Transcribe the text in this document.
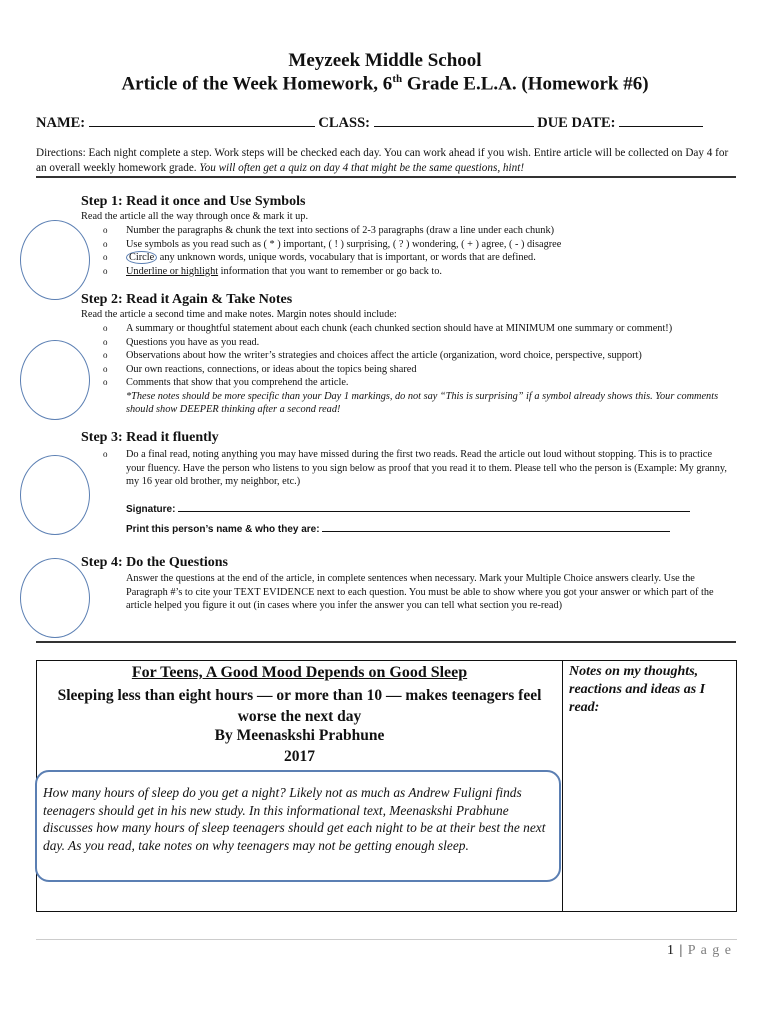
Meyzeek Middle School
Article of the Week Homework, 6th Grade E.L.A. (Homework #6)
NAME:	CLASS:	DUE DATE:
Directions: Each night complete a step. Work steps will be checked each day. You can work ahead if you wish. Entire article will be collected on Day 4 for an overall weekly homework grade. You will often get a quiz on day 4 that might be the same questions, hint!
Step 1: Read it once and Use Symbols
Read the article all the way through once & mark it up.
o Number the paragraphs & chunk the text into sections of 2-3 paragraphs (draw a line under each chunk)
o Use symbols as you read such as ( * ) important, ( ! ) surprising, ( ? ) wondering, ( + ) agree, ( - ) disagree
o Circle any unknown words, unique words, vocabulary that is important, or words that are defined.
o Underline or highlight information that you want to remember or go back to.
Step 2: Read it Again & Take Notes
Read the article a second time and make notes. Margin notes should include:
o A summary or thoughtful statement about each chunk (each chunked section should have at MINIMUM one summary or comment!)
o Questions you have as you read.
o Observations about how the writer’s strategies and choices affect the article (organization, word choice, perspective, support)
o Our own reactions, connections, or ideas about the topics being shared
o Comments that show that you comprehend the article.
*These notes should be more specific than your Day 1 markings, do not say “This is surprising” if a symbol already shows this. Your comments should show DEEPER thinking after a second read!
Step 3: Read it fluently
o Do a final read, noting anything you may have missed during the first two reads. Read the article out loud without stopping. This is to practice your fluency. Have the person who listens to you sign below as proof that you read it to them. Please tell who the person is (Example: My granny, my 16 year old brother, my neighbor, etc.)
Signature:
Print this person’s name & who they are:
Step 4: Do the Questions
Answer the questions at the end of the article, in complete sentences when necessary. Mark your Multiple Choice answers clearly. Use the Paragraph #’s to cite your TEXT EVIDENCE next to each question. You must be able to show where you got your answer or which part of the article helped you figure it out (in cases where you infer the answer you can tell what section you re-read)
For Teens, A Good Mood Depends on Good Sleep
Sleeping less than eight hours — or more than 10 — makes teenagers feel worse the next day
By Meenaskshi Prabhune
2017
Notes on my thoughts, reactions and ideas as I read:
How many hours of sleep do you get a night? Likely not as much as Andrew Fuligni finds teenagers should get in his new study. In this informational text, Meenaskshi Prabhune discusses how many hours of sleep teenagers should get each night to be at their best the next day. As you read, take notes on why teenagers may not be getting enough sleep.
1 | P a g e
